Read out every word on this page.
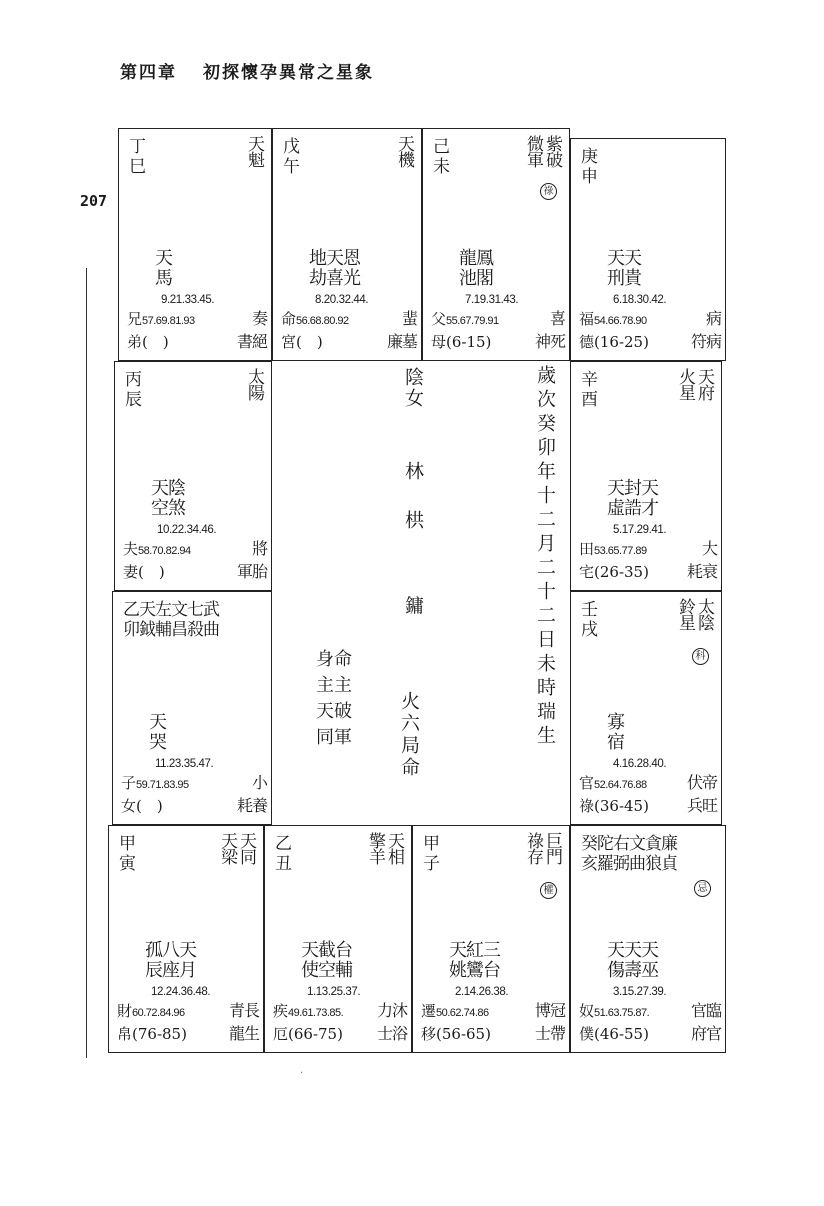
第四章 初探懷孕異常之星象
207
丁
巳	天魁
天
馬
9.21.33.45.
兄57.69.81.93	奏
弟(　)	書絕
戊
午	天機
地天恩
劫喜光
8.20.32.44.
命56.68.80.92	蜚
宮(　)	廉墓
己
未	紫破微軍
祿
龍鳳
池閣
7.19.31.43.
父55.67.79.91	喜
母(6-15)	神死
庚
申
天天
刑貴
6.18.30.42.
福54.66.78.90	病
德(16-25)	符病
丙
辰	太陽
天陰
空煞
10.22.34.46.
夫58.70.82.94	將
妻(　)	軍胎
辛
酉	天府火星
天封天
虛誥才
5.17.29.41.
田53.65.77.89	大
宅(26-35) 耗衰
乙天左文七武
卯鉞輔昌殺曲
天
哭
11.23.35.47.
子59.71.83.95	小
女(　)	耗養
壬
戌	太陰鈴星
科
寡
宿
4.16.28.40.
官52.64.76.88	伏帝
祿(36-45) 兵旺
甲
寅	天同天梁
孤八天
辰座月
12.24.36.48.
財60.72.84.96	青長
帛(76-85)	龍生
乙
丑	天相擎羊
天截台
使空輔
1.13.25.37.
疾49.61.73.85. 力沐
厄(66-75) 士浴
甲
子	巨門祿存
權
天紅三
姚鸞台
2.14.26.38.
遷50.62.74.86	博冠
移(56-65)	士帶
癸陀右文貪廉
亥羅弼曲狼貞
忌
天天天
傷壽巫
3.15.27.39.
奴51.63.75.87.	官臨
僕(46-55)	府官
陰女
林栱 鏞
火六局命	歲次癸卯年十二月二十二日未時瑞生
身命
主主
天破
同軍
·
